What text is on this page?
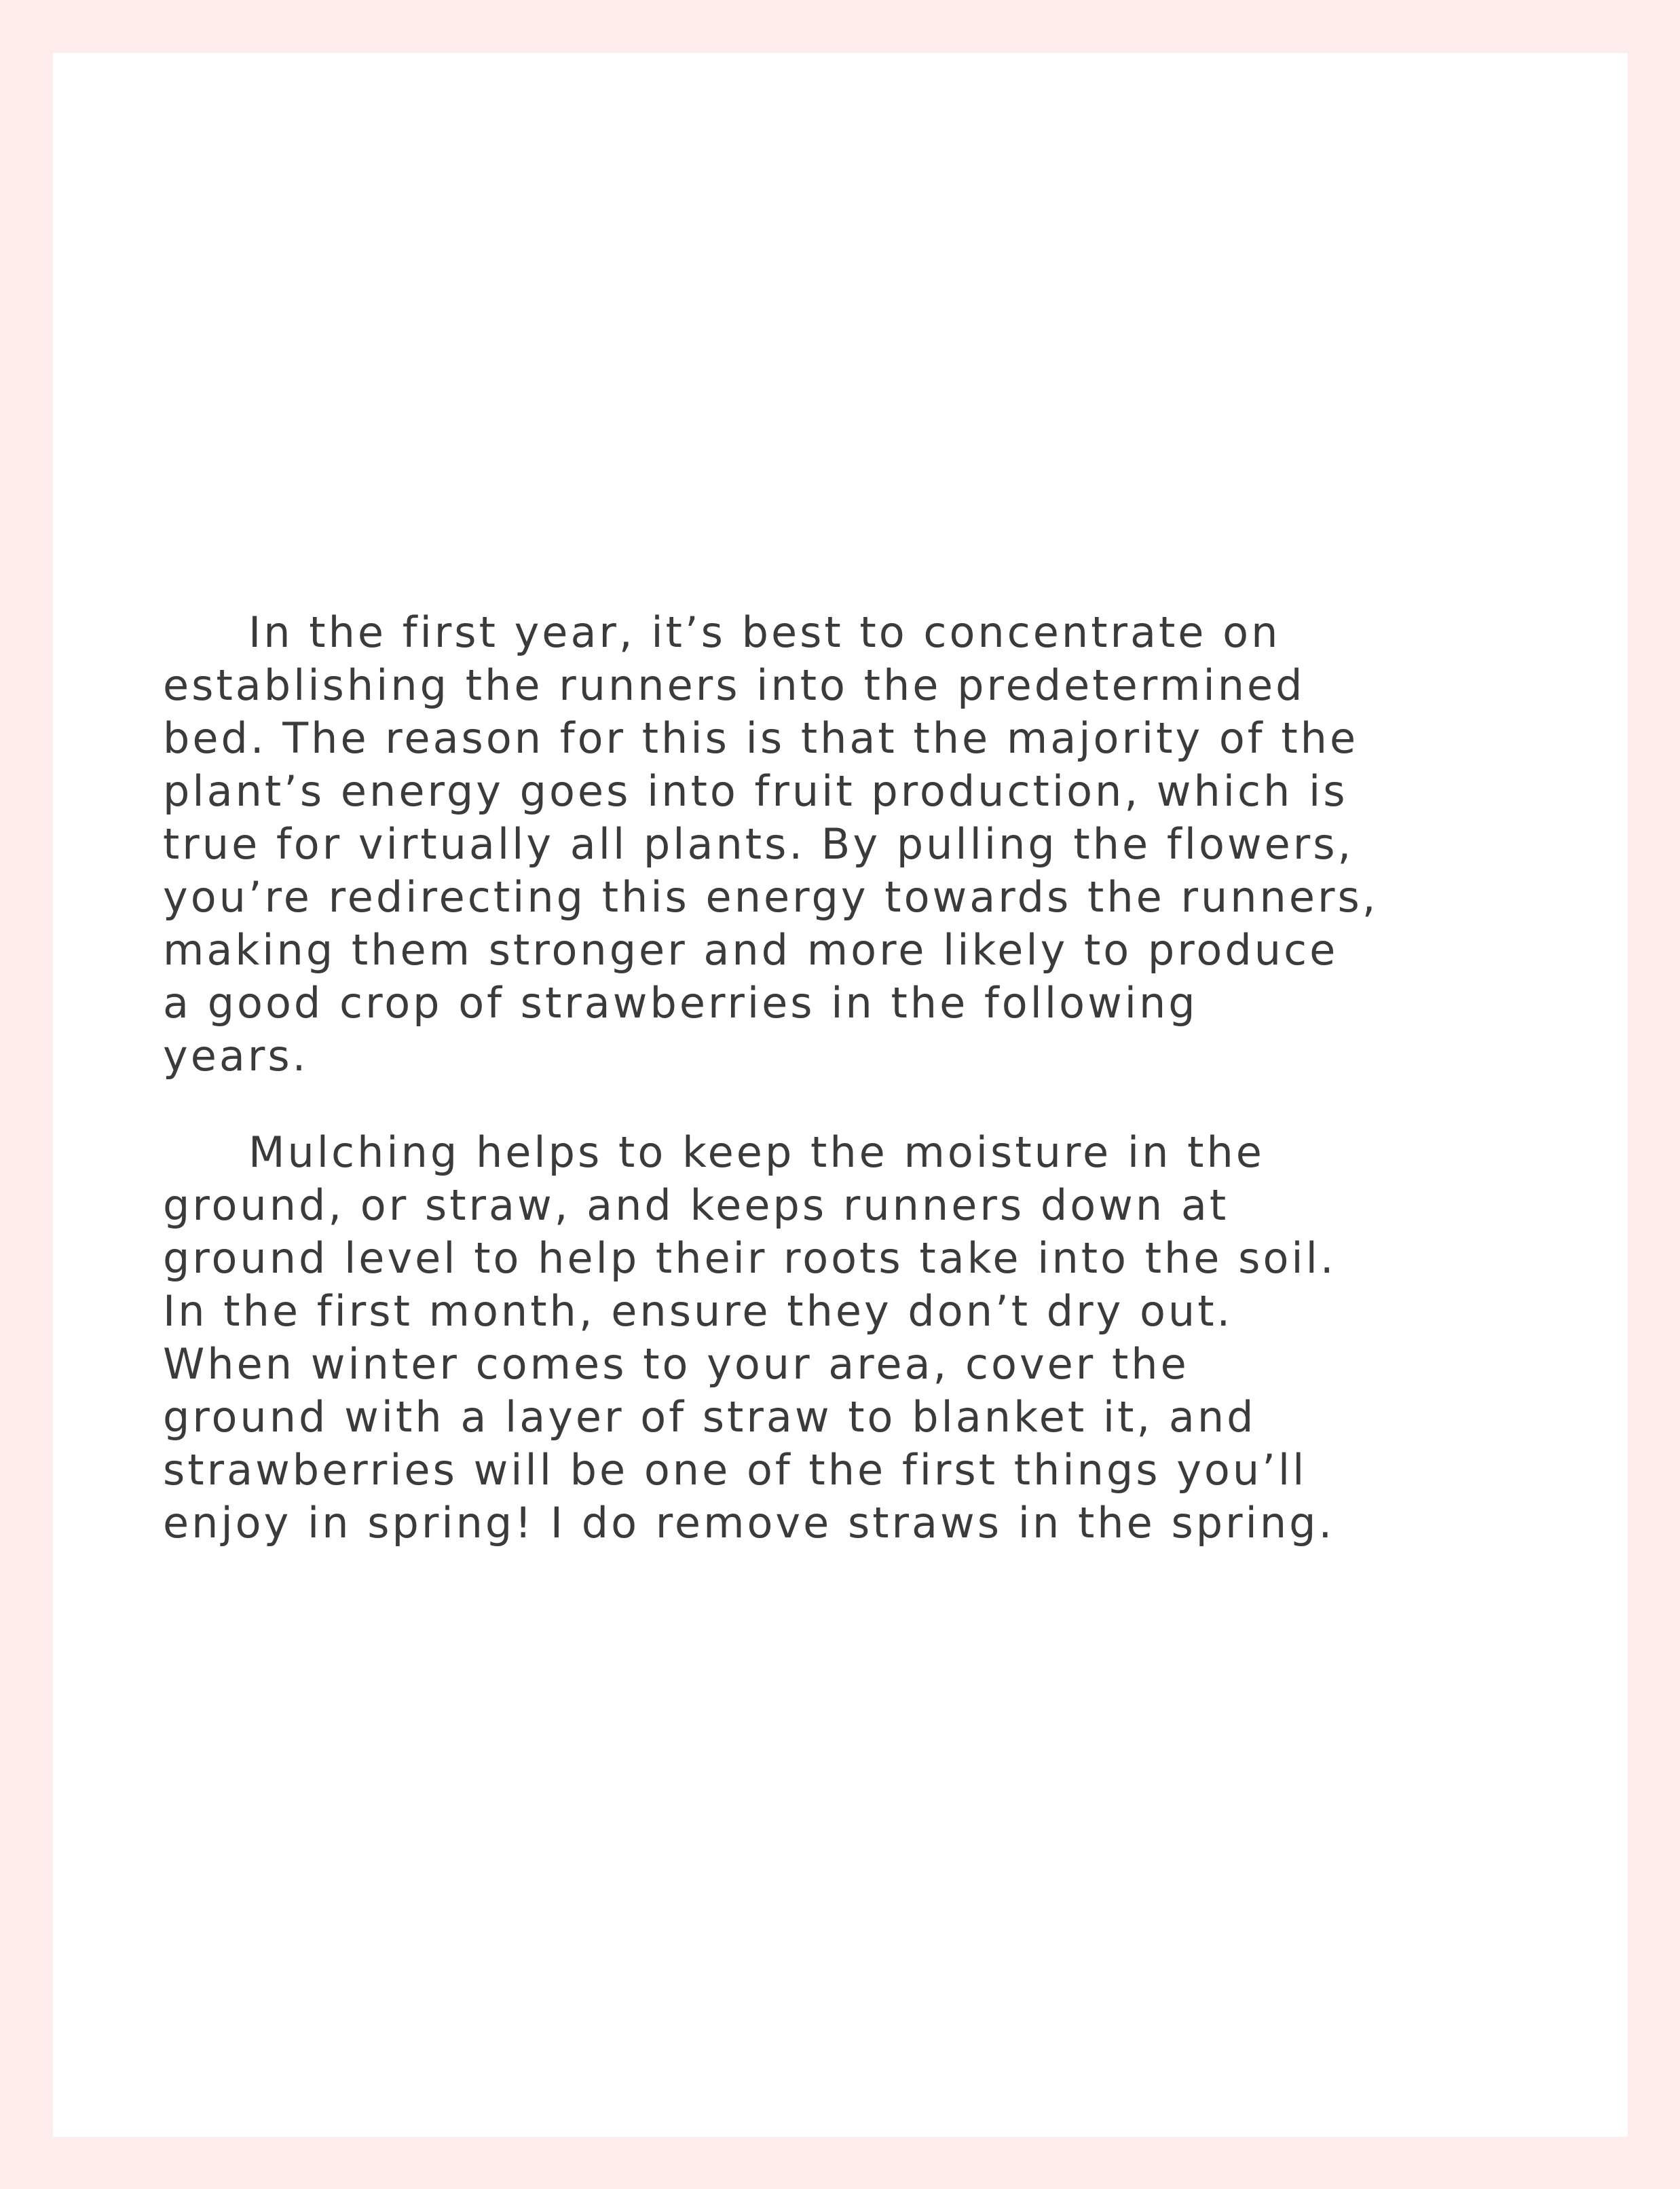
In the first year, it’s best to concentrate on
establishing the runners into the predetermined
bed. The reason for this is that the majority of the
plant’s energy goes into fruit production, which is
true for virtually all plants. By pulling the flowers,
you’re redirecting this energy towards the runners,
making them stronger and more likely to produce
a good crop of strawberries in the following
years.

Mulching helps to keep the moisture in the
ground, or straw, and keeps runners down at
ground level to help their roots take into the soil.
In the first month, ensure they don’t dry out.
When winter comes to your area, cover the
ground with a layer of straw to blanket it, and
strawberries will be one of the first things you’ll
enjoy in spring! I do remove straws in the spring.
